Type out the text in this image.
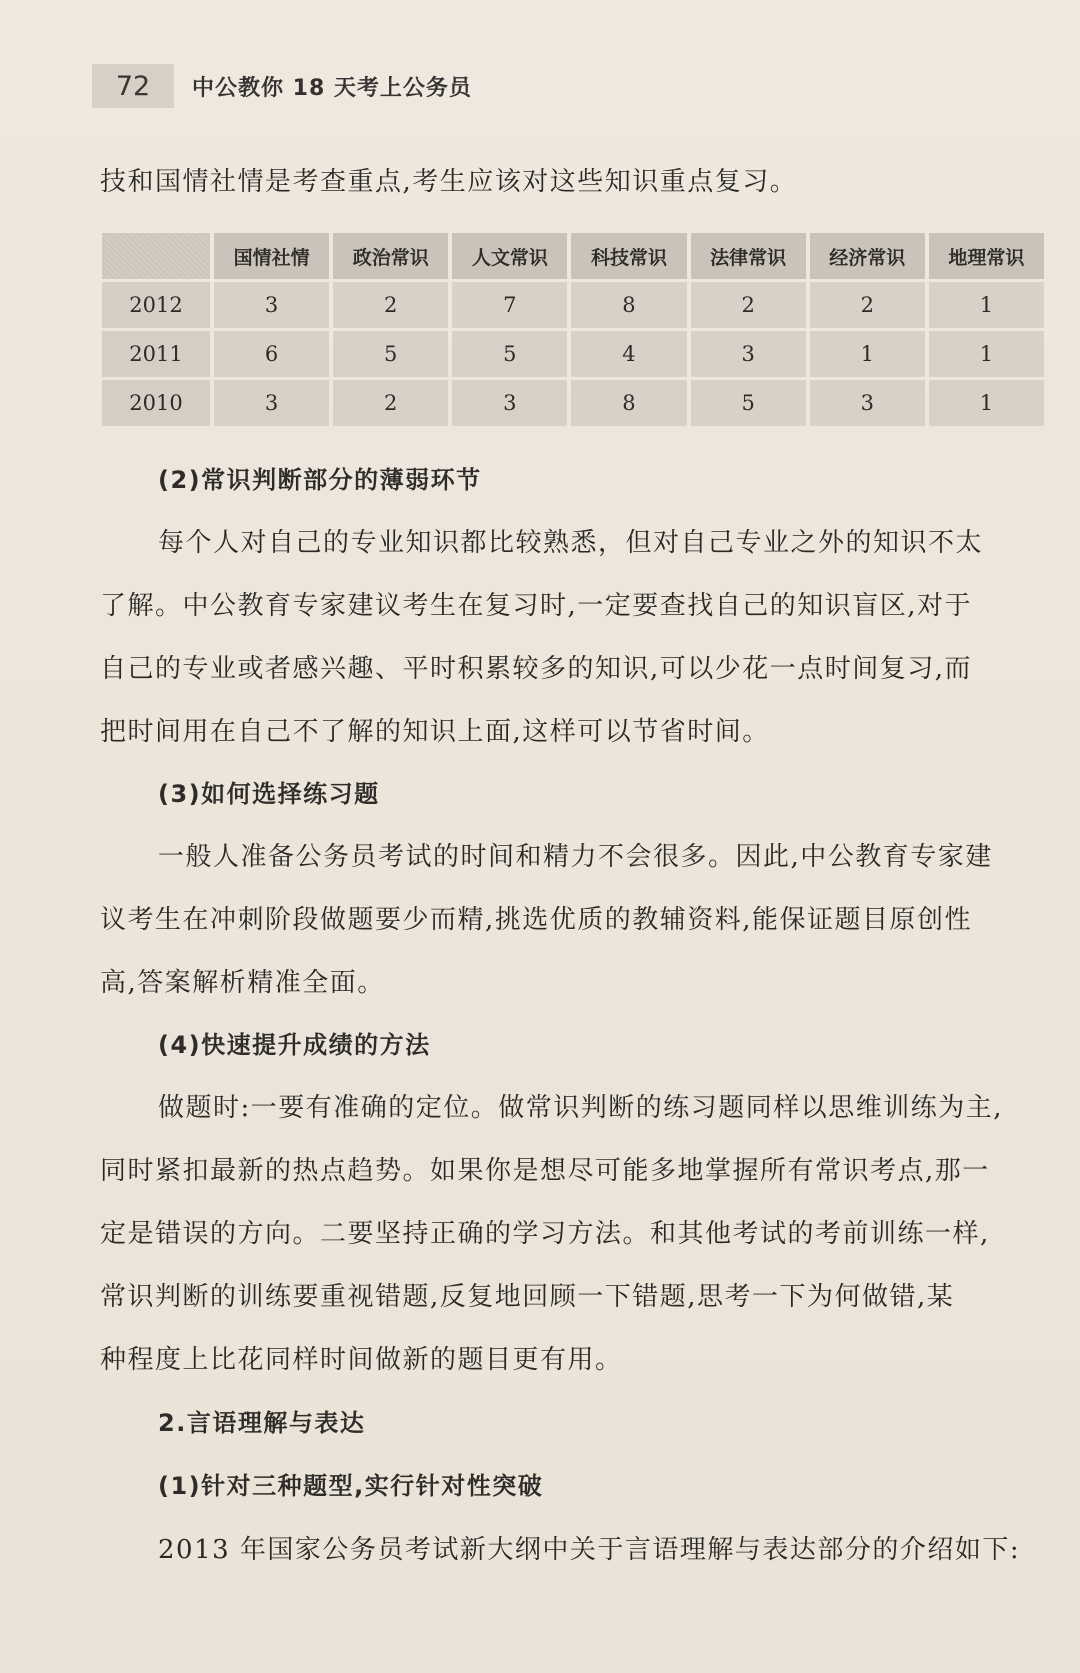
72	中公教你 18 天考上公务员
技和国情社情是考查重点,考生应该对这些知识重点复习。
	国情社情	政治常识	人文常识	科技常识	法律常识	经济常识	地理常识
2012	3	2	7	8	2	2	1
2011	6	5	5	4	3	1	1
2010	3	2	3	8	5	3	1
(2)常识判断部分的薄弱环节
每个人对自己的专业知识都比较熟悉，但对自己专业之外的知识不太
了解。中公教育专家建议考生在复习时,一定要查找自己的知识盲区,对于
自己的专业或者感兴趣、平时积累较多的知识,可以少花一点时间复习,而
把时间用在自己不了解的知识上面,这样可以节省时间。
(3)如何选择练习题
一般人准备公务员考试的时间和精力不会很多。因此,中公教育专家建
议考生在冲刺阶段做题要少而精,挑选优质的教辅资料,能保证题目原创性
高,答案解析精准全面。
(4)快速提升成绩的方法
做题时:一要有准确的定位。做常识判断的练习题同样以思维训练为主,
同时紧扣最新的热点趋势。如果你是想尽可能多地掌握所有常识考点,那一
定是错误的方向。二要坚持正确的学习方法。和其他考试的考前训练一样,
常识判断的训练要重视错题,反复地回顾一下错题,思考一下为何做错,某
种程度上比花同样时间做新的题目更有用。
2.言语理解与表达
(1)针对三种题型,实行针对性突破
2013 年国家公务员考试新大纲中关于言语理解与表达部分的介绍如下:
